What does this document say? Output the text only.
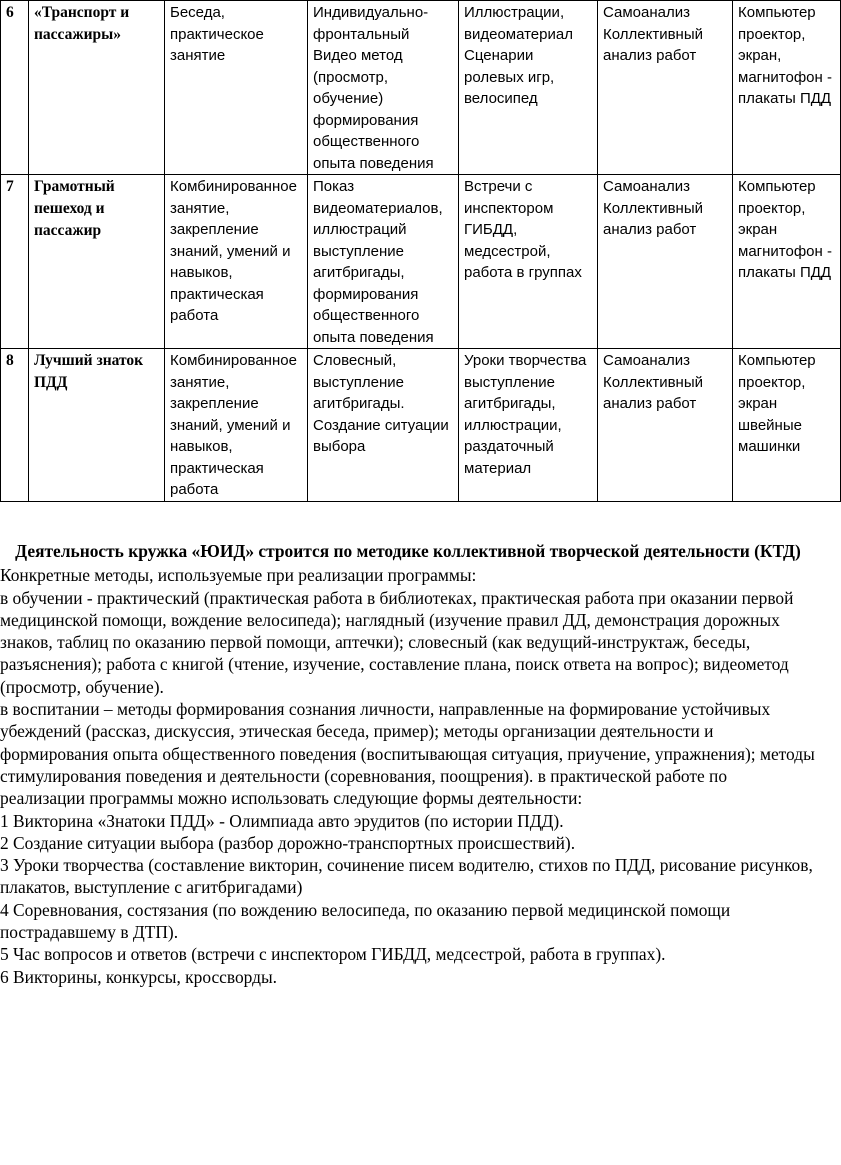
6	«Транспорт и пассажиры»	Беседа, практическое занятие	Индивидуально-фронтальный Видео метод (просмотр, обучение) формирования общественного опыта поведения	Иллюстрации, видеоматериал Сценарии ролевых игр, велосипед	Самоанализ Коллективный анализ работ	Компьютер проектор, экран, магнитофон - плакаты ПДД
7	Грамотный пешеход и пассажир	Комбинированное занятие, закрепление знаний, умений и навыков, практическая работа	Показ видеоматериалов, иллюстраций выступление агитбригады, формирования общественного опыта поведения	Встречи с инспектором ГИБДД, медсестрой, работа в группах	Самоанализ Коллективный анализ работ	Компьютер проектор, экран магнитофон - плакаты ПДД
8	Лучший знаток ПДД	Комбинированное занятие, закрепление знаний, умений и навыков, практическая работа	Словесный, выступление агитбригады. Создание ситуации выбора	Уроки творчества выступление агитбригады, иллюстрации, раздаточный материал	Самоанализ Коллективный анализ работ	Компьютер проектор, экран швейные машинки

Деятельность кружка «ЮИД» строится по методике коллективной творческой деятельности (КТД)

Конкретные методы, используемые при реализации программы:

в обучении - практический (практическая работа в библиотеках, практическая работа при оказании первой медицинской помощи, вождение велосипеда); наглядный (изучение правил ДД, демонстрация дорожных знаков, таблиц по оказанию первой помощи, аптечки); словесный (как ведущий-инструктаж, беседы, разъяснения); работа с книгой (чтение, изучение, составление плана, поиск ответа на вопрос); видеометод (просмотр, обучение).

в воспитании – методы формирования сознания личности, направленные на формирование устойчивых убеждений (рассказ, дискуссия, этическая беседа, пример); методы организации деятельности и формирования опыта общественного поведения (воспитывающая ситуация, приучение, упражнения); методы стимулирования поведения и деятельности (соревнования, поощрения). в практической работе по реализации программы можно использовать следующие формы деятельности:

1 Викторина «Знатоки ПДД» - Олимпиада авто эрудитов (по истории ПДД).

2 Создание ситуации выбора (разбор дорожно-транспортных происшествий).

3 Уроки творчества (составление викторин, сочинение писем водителю, стихов по ПДД, рисование рисунков, плакатов, выступление с агитбригадами)

4 Соревнования, состязания (по вождению велосипеда, по оказанию первой медицинской помощи пострадавшему в ДТП).

5 Час вопросов и ответов (встречи с инспектором ГИБДД, медсестрой, работа в группах).

6 Викторины, конкурсы, кроссворды.
